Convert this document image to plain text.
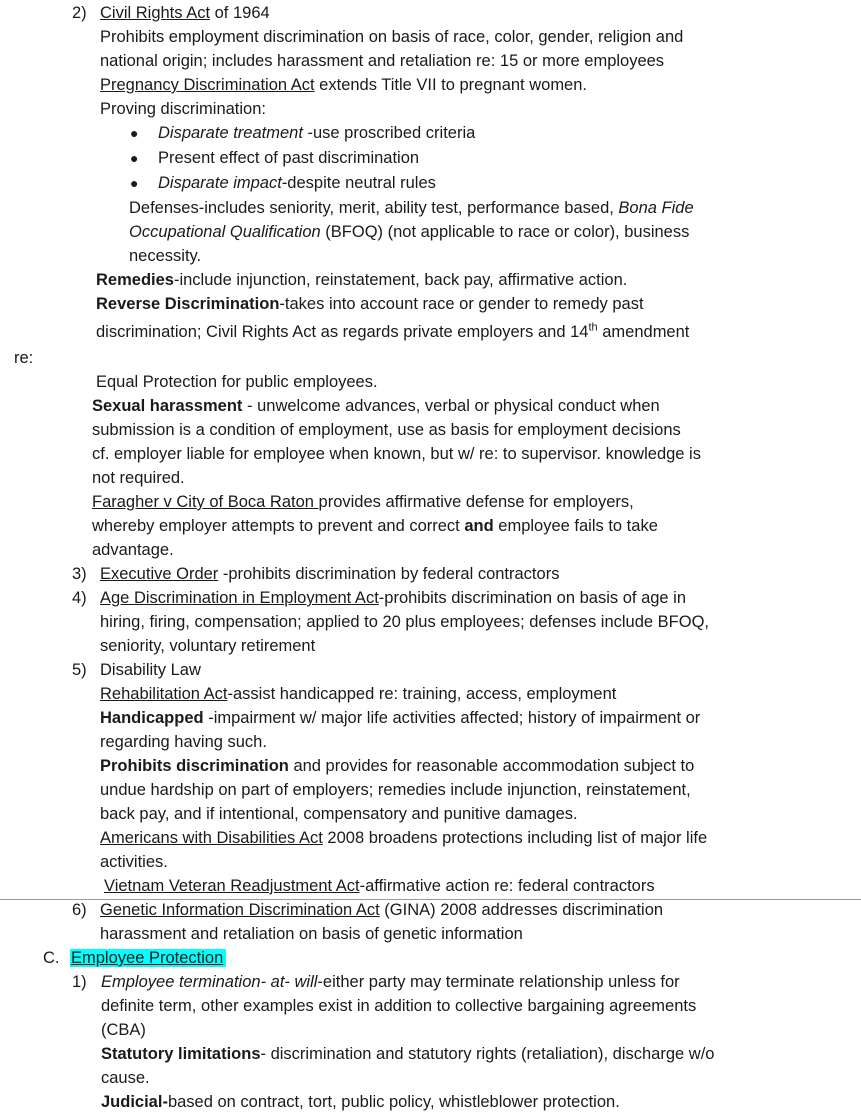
2) Civil Rights Act of 1964
Prohibits employment discrimination on basis of race, color, gender, religion and
national origin; includes harassment and retaliation re: 15 or more employees
Pregnancy Discrimination Act extends Title VII to pregnant women.
Proving discrimination:
● Disparate treatment -use proscribed criteria
● Present effect of past discrimination
● Disparate impact-despite neutral rules
Defenses-includes seniority, merit, ability test, performance based, Bona Fide
Occupational Qualification (BFOQ) (not applicable to race or color), business
necessity.
Remedies-include injunction, reinstatement, back pay, affirmative action.
Reverse Discrimination-takes into account race or gender to remedy past
discrimination; Civil Rights Act as regards private employers and 14th amendment
re:
Equal Protection for public employees.
Sexual harassment - unwelcome advances, verbal or physical conduct when
submission is a condition of employment, use as basis for employment decisions
cf. employer liable for employee when known, but w/ re: to supervisor. knowledge is
not required.
Faragher v City of Boca Raton provides affirmative defense for employers,
whereby employer attempts to prevent and correct and employee fails to take
advantage.
3) Executive Order -prohibits discrimination by federal contractors
4) Age Discrimination in Employment Act-prohibits discrimination on basis of age in
hiring, firing, compensation; applied to 20 plus employees; defenses include BFOQ,
seniority, voluntary retirement
5) Disability Law
Rehabilitation Act-assist handicapped re: training, access, employment
Handicapped -impairment w/ major life activities affected; history of impairment or
regarding having such.
Prohibits discrimination and provides for reasonable accommodation subject to
undue hardship on part of employers; remedies include injunction, reinstatement,
back pay, and if intentional, compensatory and punitive damages.
Americans with Disabilities Act 2008 broadens protections including list of major life
activities.
Vietnam Veteran Readjustment Act-affirmative action re: federal contractors
6) Genetic Information Discrimination Act (GINA) 2008 addresses discrimination
harassment and retaliation on basis of genetic information
C. Employee Protection
1) Employee termination- at- will-either party may terminate relationship unless for
definite term, other examples exist in addition to collective bargaining agreements
(CBA)
Statutory limitations- discrimination and statutory rights (retaliation), discharge w/o
cause.
Judicial-based on contract, tort, public policy, whistleblower protection.
